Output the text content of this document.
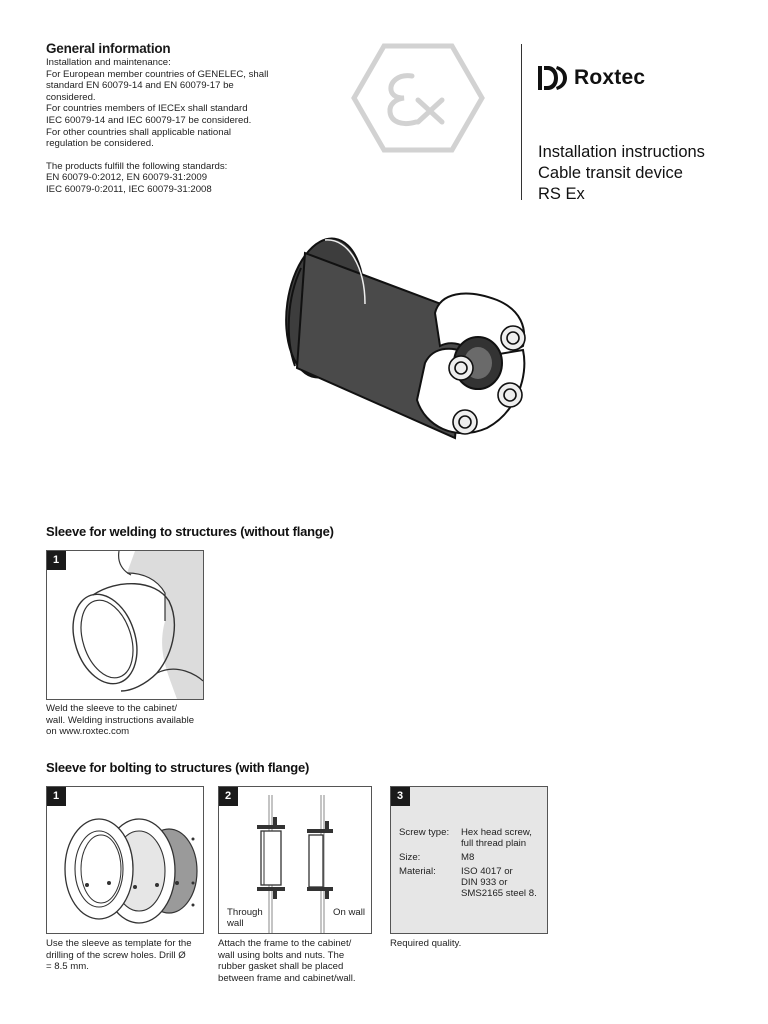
General information

Installation and maintenance:

For European member countries of GENELEC, shall

standard EN 60079-14 and EN 60079-17 be

considered.

For countries members of IECEx shall standard

IEC 60079-14 and IEC 60079-17 be considered.

For other countries shall applicable national

regulation be considered.

The products fulfill the following standards:

EN 60079-0:2012, EN 60079-31:2009

IEC 60079-0:2011, IEC 60079-31:2008

Roxtec
Installation instructions
Cable transit device
RS Ex
Sleeve for welding to structures (without flange)
1
Weld the sleeve to the cabinet/
wall. Welding instructions available
on www.roxtec.com
Sleeve for bolting to structures (with flange)
1
Use the sleeve as template for the
drilling of the screw holes. Drill Ø
= 8.5 mm.
2
Through
wall
On wall
Attach the frame to the cabinet/
wall using bolts and nuts. The
rubber gasket shall be placed
between frame and cabinet/wall.
3
Screw type:	Hex head screw,
full thread plain
Size:	M8
Material:	ISO 4017 or
DIN 933 or
SMS2165 steel 8.
Required quality.
